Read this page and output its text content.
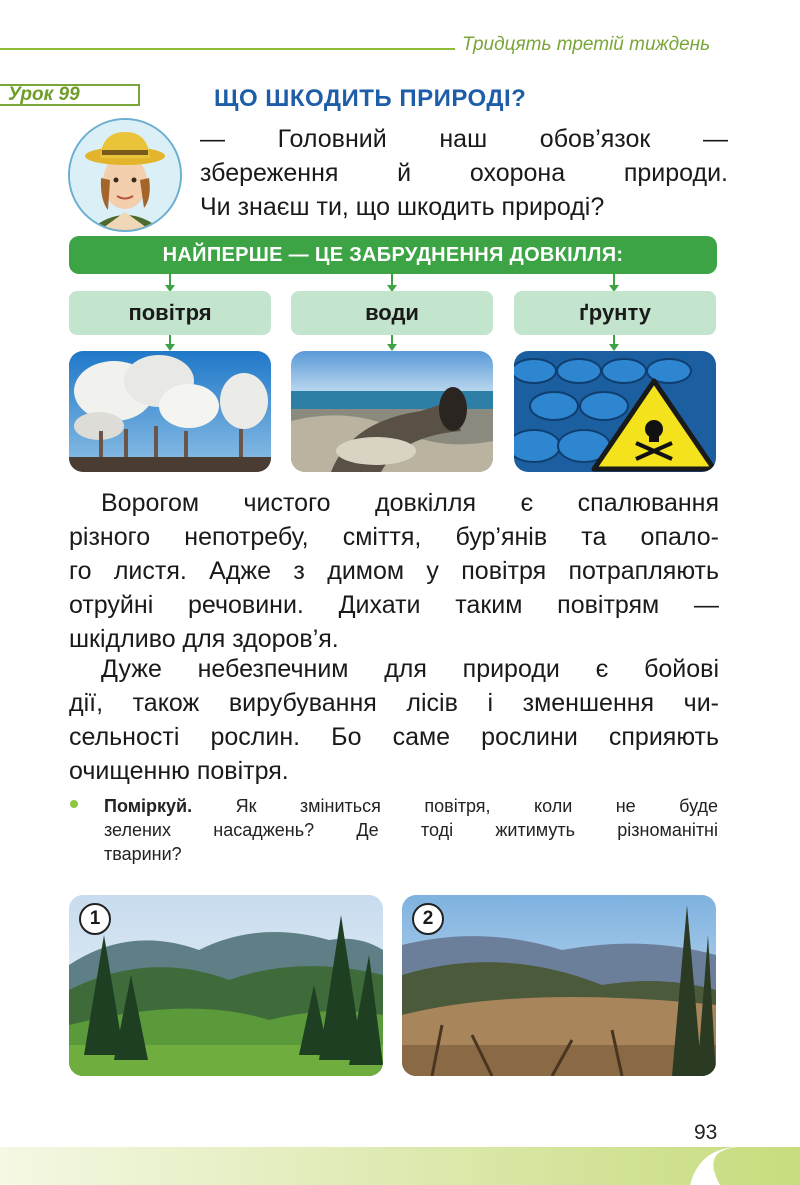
Тридцять третій тиждень
Урок 99	ЩО ШКОДИТЬ ПРИРОДІ?
— Головний наш обов’язок —
збереження й охорона природи.
Чи знаєш ти, що шкодить природі?
НАЙПЕРШЕ — ЦЕ ЗАБРУДНЕННЯ ДОВКІЛЛЯ:
повітря	води	ґрунту
Ворогом чистого довкілля є спалювання
різного непотребу, сміття, бур’янів та опало-
го листя. Адже з димом у повітря потрапляють
отруйні речовини. Дихати таким повітрям —
шкідливо для здоров’я.
Дуже небезпечним для природи є бойові
дії, також вирубування лісів і зменшення чи-
сельності рослин. Бо саме рослини сприяють
очищенню повітря.
Поміркуй. Як зміниться повітря, коли не буде
зелених насаджень? Де тоді житимуть різноманітні
тварини?
1	2
93
